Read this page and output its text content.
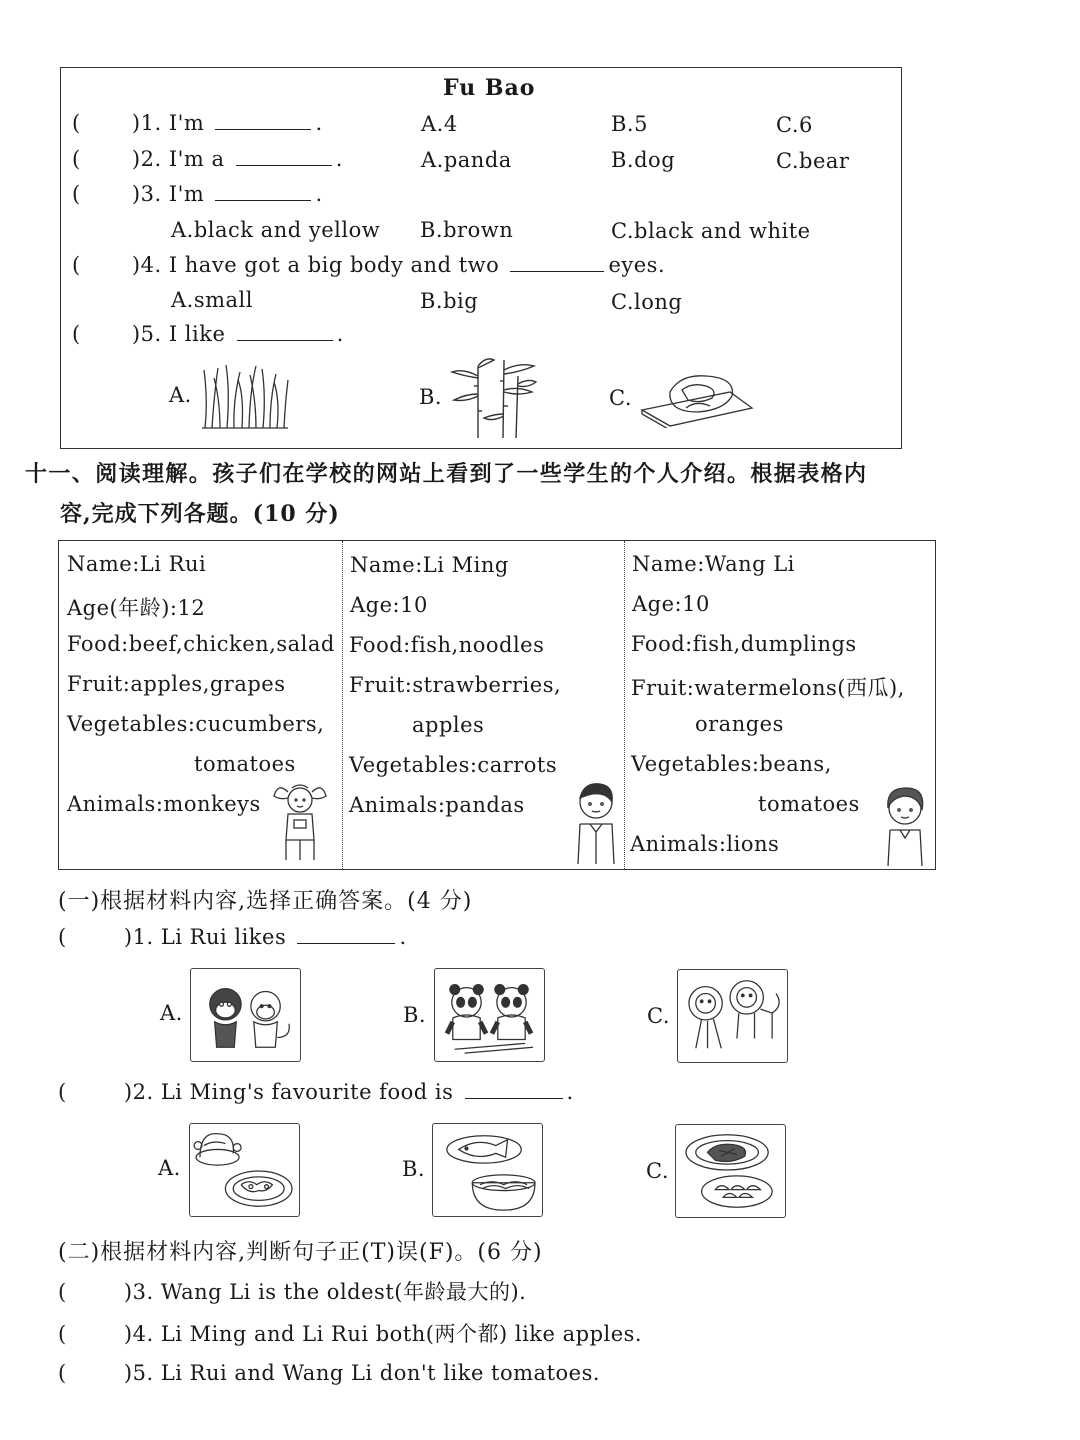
Fu Bao
( )1. I'm	.	A.4	B.5	C.6
( )2. I'm a	.	A.panda	B.dog	C.bear
( )3. I'm	.
A.black and yellow B.brown	C.black and white
( )4. I have got a big body and two	eyes.
A.small	B.big	C.long
( )5. I like	.
A.	B.	C.
十一、阅读理解。孩子们在学校的网站上看到了一些学生的个人介绍。根据表格内
容,完成下列各题。(10 分)
Name:Li Rui
Age(年龄):12
Food:beef,chicken,salad
Fruit:apples,grapes
Vegetables:cucumbers,
tomatoes
Animals:monkeys
Name:Li Ming
Age:10
Food:fish,noodles
Fruit:strawberries,
apples
Vegetables:carrots
Animals:pandas
Name:Wang Li
Age:10
Food:fish,dumplings
Fruit:watermelons(西瓜),
oranges
Vegetables:beans,
tomatoes
Animals:lions
(一)根据材料内容,选择正确答案。(4 分)
(	)1. Li Rui likes	.
A.	B.	C.
(	)2. Li Ming's favourite food is	.
A.	B.	C.
(二)根据材料内容,判断句子正(T)误(F)。(6 分)
(	)3. Wang Li is the oldest(年龄最大的).
(	)4. Li Ming and Li Rui both(两个都) like apples.
(	)5. Li Rui and Wang Li don't like tomatoes.
